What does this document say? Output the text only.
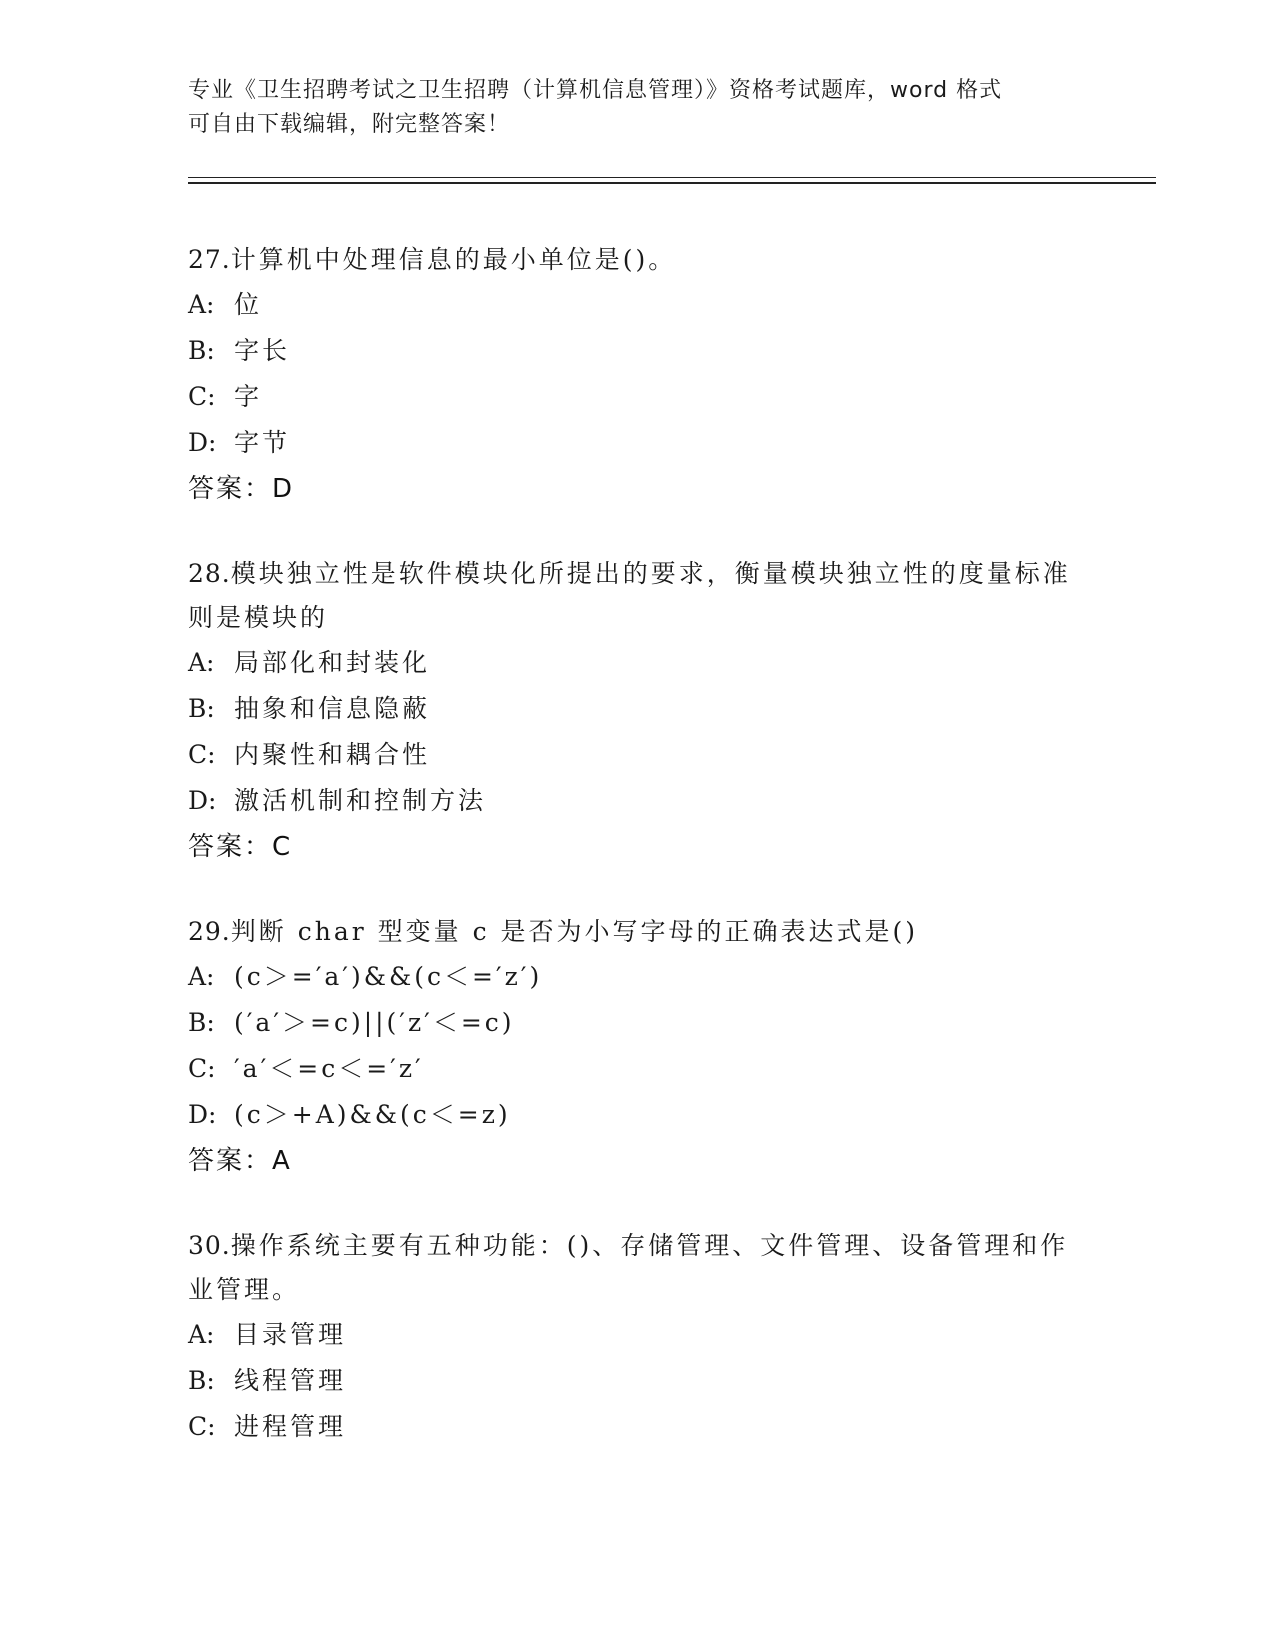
专业《卫生招聘考试之卫生招聘（计算机信息管理）》资格考试题库，word 格式
可自由下载编辑，附完整答案！

27.计算机中处理信息的最小单位是()。

A: 位

B: 字长

C: 字

D: 字节

答案：D

28.模块独立性是软件模块化所提出的要求，衡量模块独立性的度量标准则是模块的

A: 局部化和封装化

B: 抽象和信息隐蔽

C: 内聚性和耦合性

D: 激活机制和控制方法

答案：C

29.判断 char 型变量 c 是否为小写字母的正确表达式是()

A: (c＞=′a′)&&(c＜=′z′)

B: (′a′＞=c)||(′z′＜=c)

C: ′a′＜=c＜=′z′

D: (c＞+A)&&(c＜=z)

答案：A

30.操作系统主要有五种功能：()、存储管理、文件管理、设备管理和作业管理。

A: 目录管理

B: 线程管理

C: 进程管理
